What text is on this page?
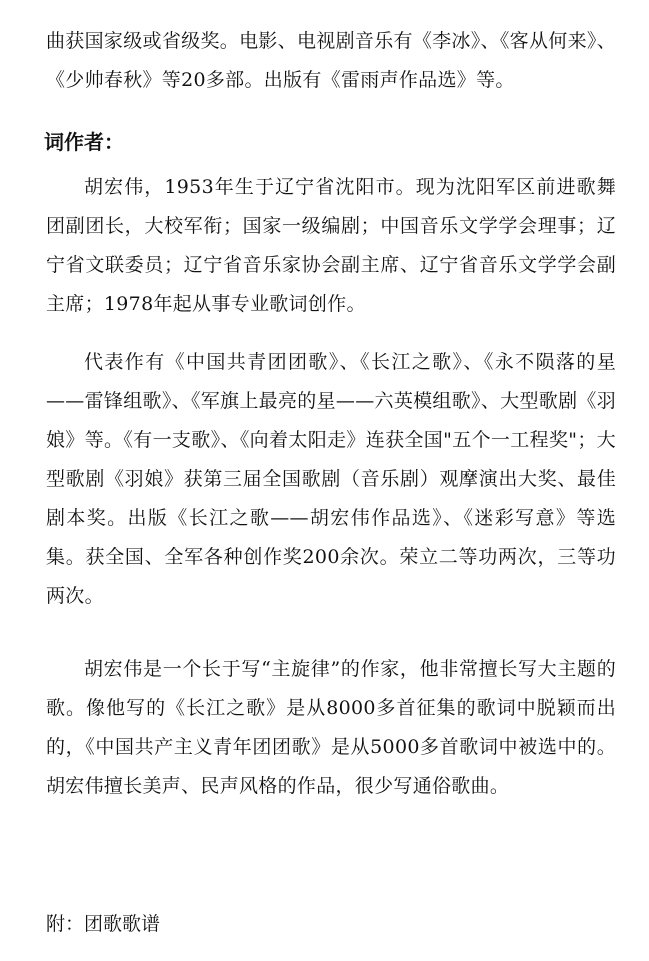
曲获国家级或省级奖。电影、电视剧音乐有《李冰》、《客从何来》、《少帅春秋》等20多部。出版有《雷雨声作品选》等。

词作者：

胡宏伟，1953年生于辽宁省沈阳市。现为沈阳军区前进歌舞团副团长，大校军衔；国家一级编剧；中国音乐文学学会理事；辽宁省文联委员；辽宁省音乐家协会副主席、辽宁省音乐文学学会副主席；1978年起从事专业歌词创作。

代表作有《中国共青团团歌》、《长江之歌》、《永不陨落的星——雷锋组歌》、《军旗上最亮的星——六英模组歌》、大型歌剧《羽娘》等。《有一支歌》、《向着太阳走》连获全国"五个一工程奖"；大型歌剧《羽娘》获第三届全国歌剧（音乐剧）观摩演出大奖、最佳剧本奖。出版《长江之歌——胡宏伟作品选》、《迷彩写意》等选集。获全国、全军各种创作奖200余次。荣立二等功两次，三等功两次。

胡宏伟是一个长于写“主旋律”的作家，他非常擅长写大主题的歌。像他写的《长江之歌》是从8000多首征集的歌词中脱颖而出的，《中国共产主义青年团团歌》是从5000多首歌词中被选中的。胡宏伟擅长美声、民声风格的作品，很少写通俗歌曲。

附：团歌歌谱
